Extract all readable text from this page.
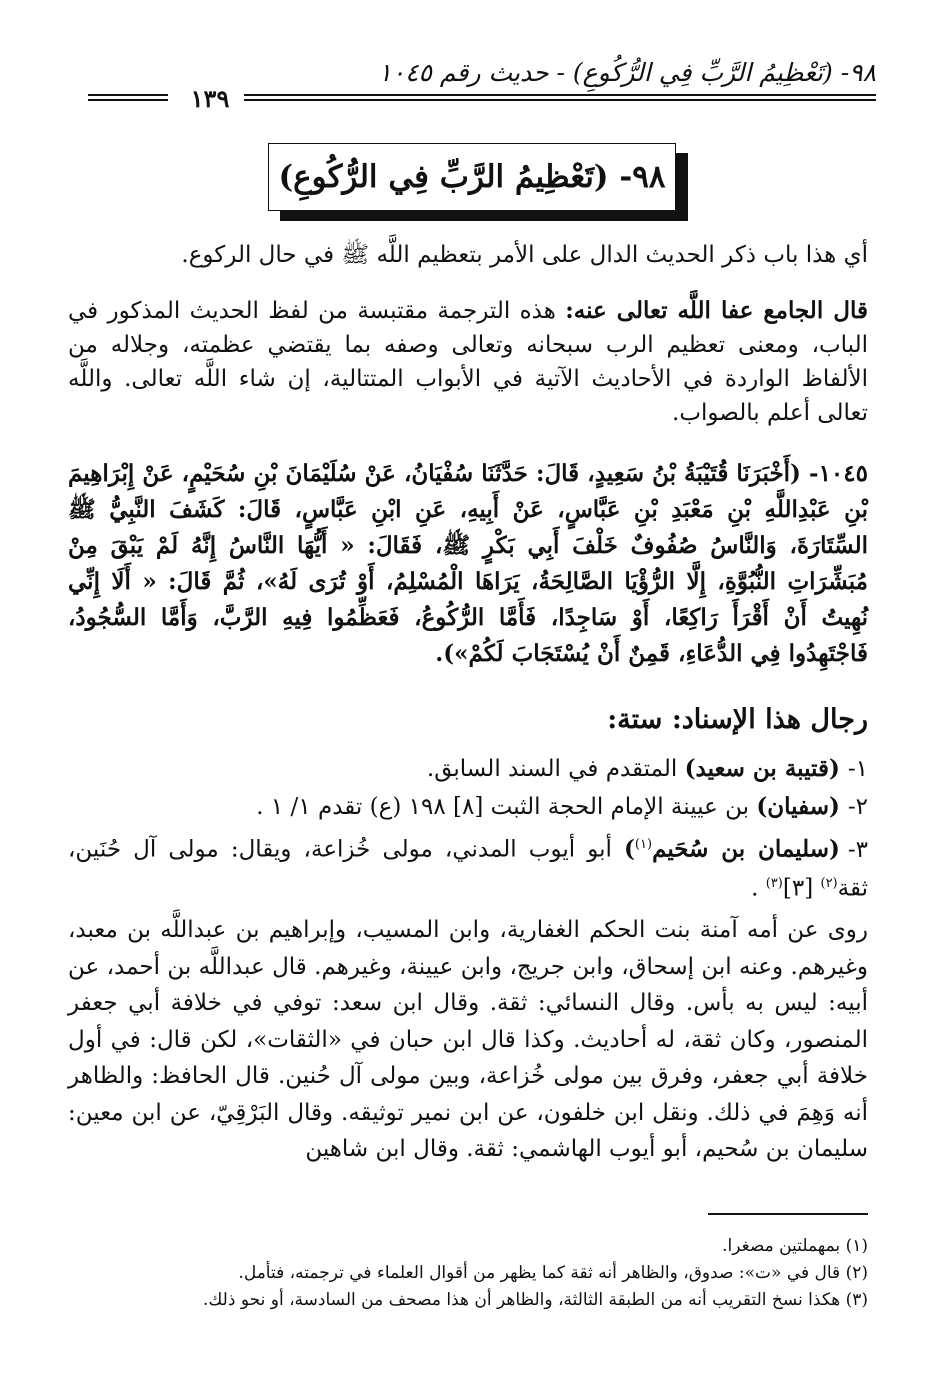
٩٨- (تَعْظِيمُ الرَّبِّ فِي الرُّكُوعِ) - حديث رقم ١٠٤٥
١٣٩
٩٨- (تَعْظِيمُ الرَّبِّ فِي الرُّكُوعِ)

أي هذا باب ذكر الحديث الدال على الأمر بتعظيم اللَّه ﷺ في حال الركوع.

قال الجامع عفا اللَّه تعالى عنه: هذه الترجمة مقتبسة من لفظ الحديث المذكور في الباب، ومعنى تعظيم الرب سبحانه وتعالى وصفه بما يقتضي عظمته، وجلاله من الألفاظ الواردة في الأحاديث الآتية في الأبواب المتتالية، إن شاء اللَّه تعالى. واللَّه تعالى أعلم بالصواب.

١٠٤٥- (أَخْبَرَنَا قُتَيْبَةُ بْنُ سَعِيدٍ، قَالَ: حَدَّثَنَا سُفْيَانُ، عَنْ سُلَيْمَانَ بْنِ سُحَيْمٍ، عَنْ إِبْرَاهِيمَ بْنِ عَبْدِاللَّهِ بْنِ مَعْبَدِ بْنِ عَبَّاسٍ، عَنْ أَبِيهِ، عَنِ ابْنِ عَبَّاسٍ، قَالَ: كَشَفَ النَّبِيُّ ﷺ السِّتَارَةَ، وَالنَّاسُ صُفُوفٌ خَلْفَ أَبِي بَكْرٍ ﷺ، فَقَالَ: « أَيُّهَا النَّاسُ إِنَّهُ لَمْ يَبْقَ مِنْ مُبَشِّرَاتِ النُّبُوَّةِ، إِلَّا الرُّؤْيَا الصَّالِحَةُ، يَرَاهَا الْمُسْلِمُ، أَوْ تُرَى لَهُ»، ثُمَّ قَالَ: « أَلَا إِنِّي نُهِيتُ أَنْ أَقْرَأَ رَاكِعًا، أَوْ سَاجِدًا، فَأَمَّا الرُّكُوعُ، فَعَظِّمُوا فِيهِ الرَّبَّ، وَأَمَّا السُّجُودُ، فَاجْتَهِدُوا فِي الدُّعَاءِ، قَمِنٌ أَنْ يُسْتَجَابَ لَكُمْ»).

رجال هذا الإسناد: ستة:
١-(قتيبة بن سعيد) المتقدم في السند السابق.
٢-(سفيان) بن عيينة الإمام الحجة الثبت [٨] ١٩٨ (ع) تقدم ١/ ١ .
٣-(سليمان بن سُحَيم$^{(١)}$) أبو أيوب المدني، مولى خُزاعة، ويقال: مولى آل حُنَين، ثقة$^{(٢)}$ [٣]$^{(٣)}$ .

روى عن أمه آمنة بنت الحكم الغفارية، وابن المسيب، وإبراهيم بن عبداللَّه بن معبد، وغيرهم. وعنه ابن إسحاق، وابن جريج، وابن عيينة، وغيرهم. قال عبداللَّه بن أحمد، عن أبيه: ليس به بأس. وقال النسائي: ثقة. وقال ابن سعد: توفي في خلافة أبي جعفر المنصور، وكان ثقة، له أحاديث. وكذا قال ابن حبان في «الثقات»، لكن قال: في أول خلافة أبي جعفر، وفرق بين مولى خُزاعة، وبين مولى آل حُنين. قال الحافظ: والظاهر أنه وَهِمَ في ذلك. ونقل ابن خلفون، عن ابن نمير توثيقه. وقال البَرْقِيّ، عن ابن معين: سليمان بن سُحيم، أبو أيوب الهاشمي: ثقة. وقال ابن شاهين

(١) بمهملتين مصغرا.
(٢) قال في «ت»: صدوق، والظاهر أنه ثقة كما يظهر من أقوال العلماء في ترجمته، فتأمل.
(٣) هكذا نسخ التقريب أنه من الطبقة الثالثة، والظاهر أن هذا مصحف من السادسة، أو نحو ذلك.
